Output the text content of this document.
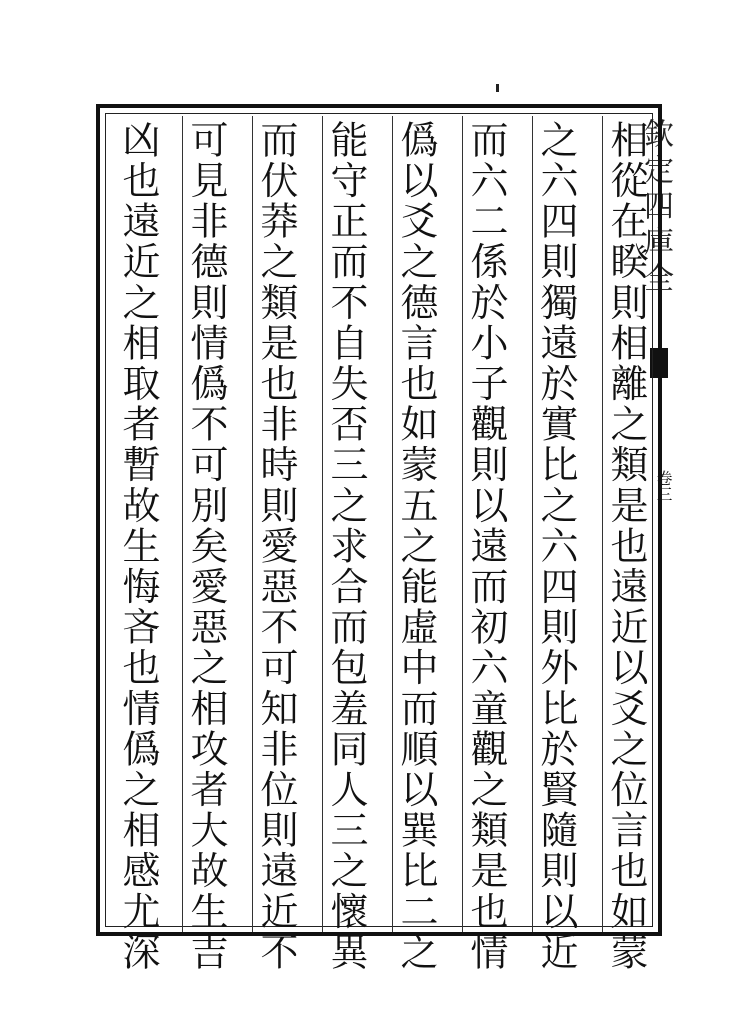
欽定四庫全
卷三
相從在睽則相離之類是也遠近以爻之位言也如蒙
之六四則獨遠於實比之六四則外比於賢隨則以近
而六二係於小子觀則以遠而初六童觀之類是也情
僞以爻之德言也如蒙五之能虛中而順以巽比二之
能守正而不自失否三之求合而包羞同人三之懷異
而伏莽之類是也非時則愛惡不可知非位則遠近不
可見非德則情僞不可別矣愛惡之相攻者大故生吉
凶也遠近之相取者暫故生悔吝也情僞之相感尤深
